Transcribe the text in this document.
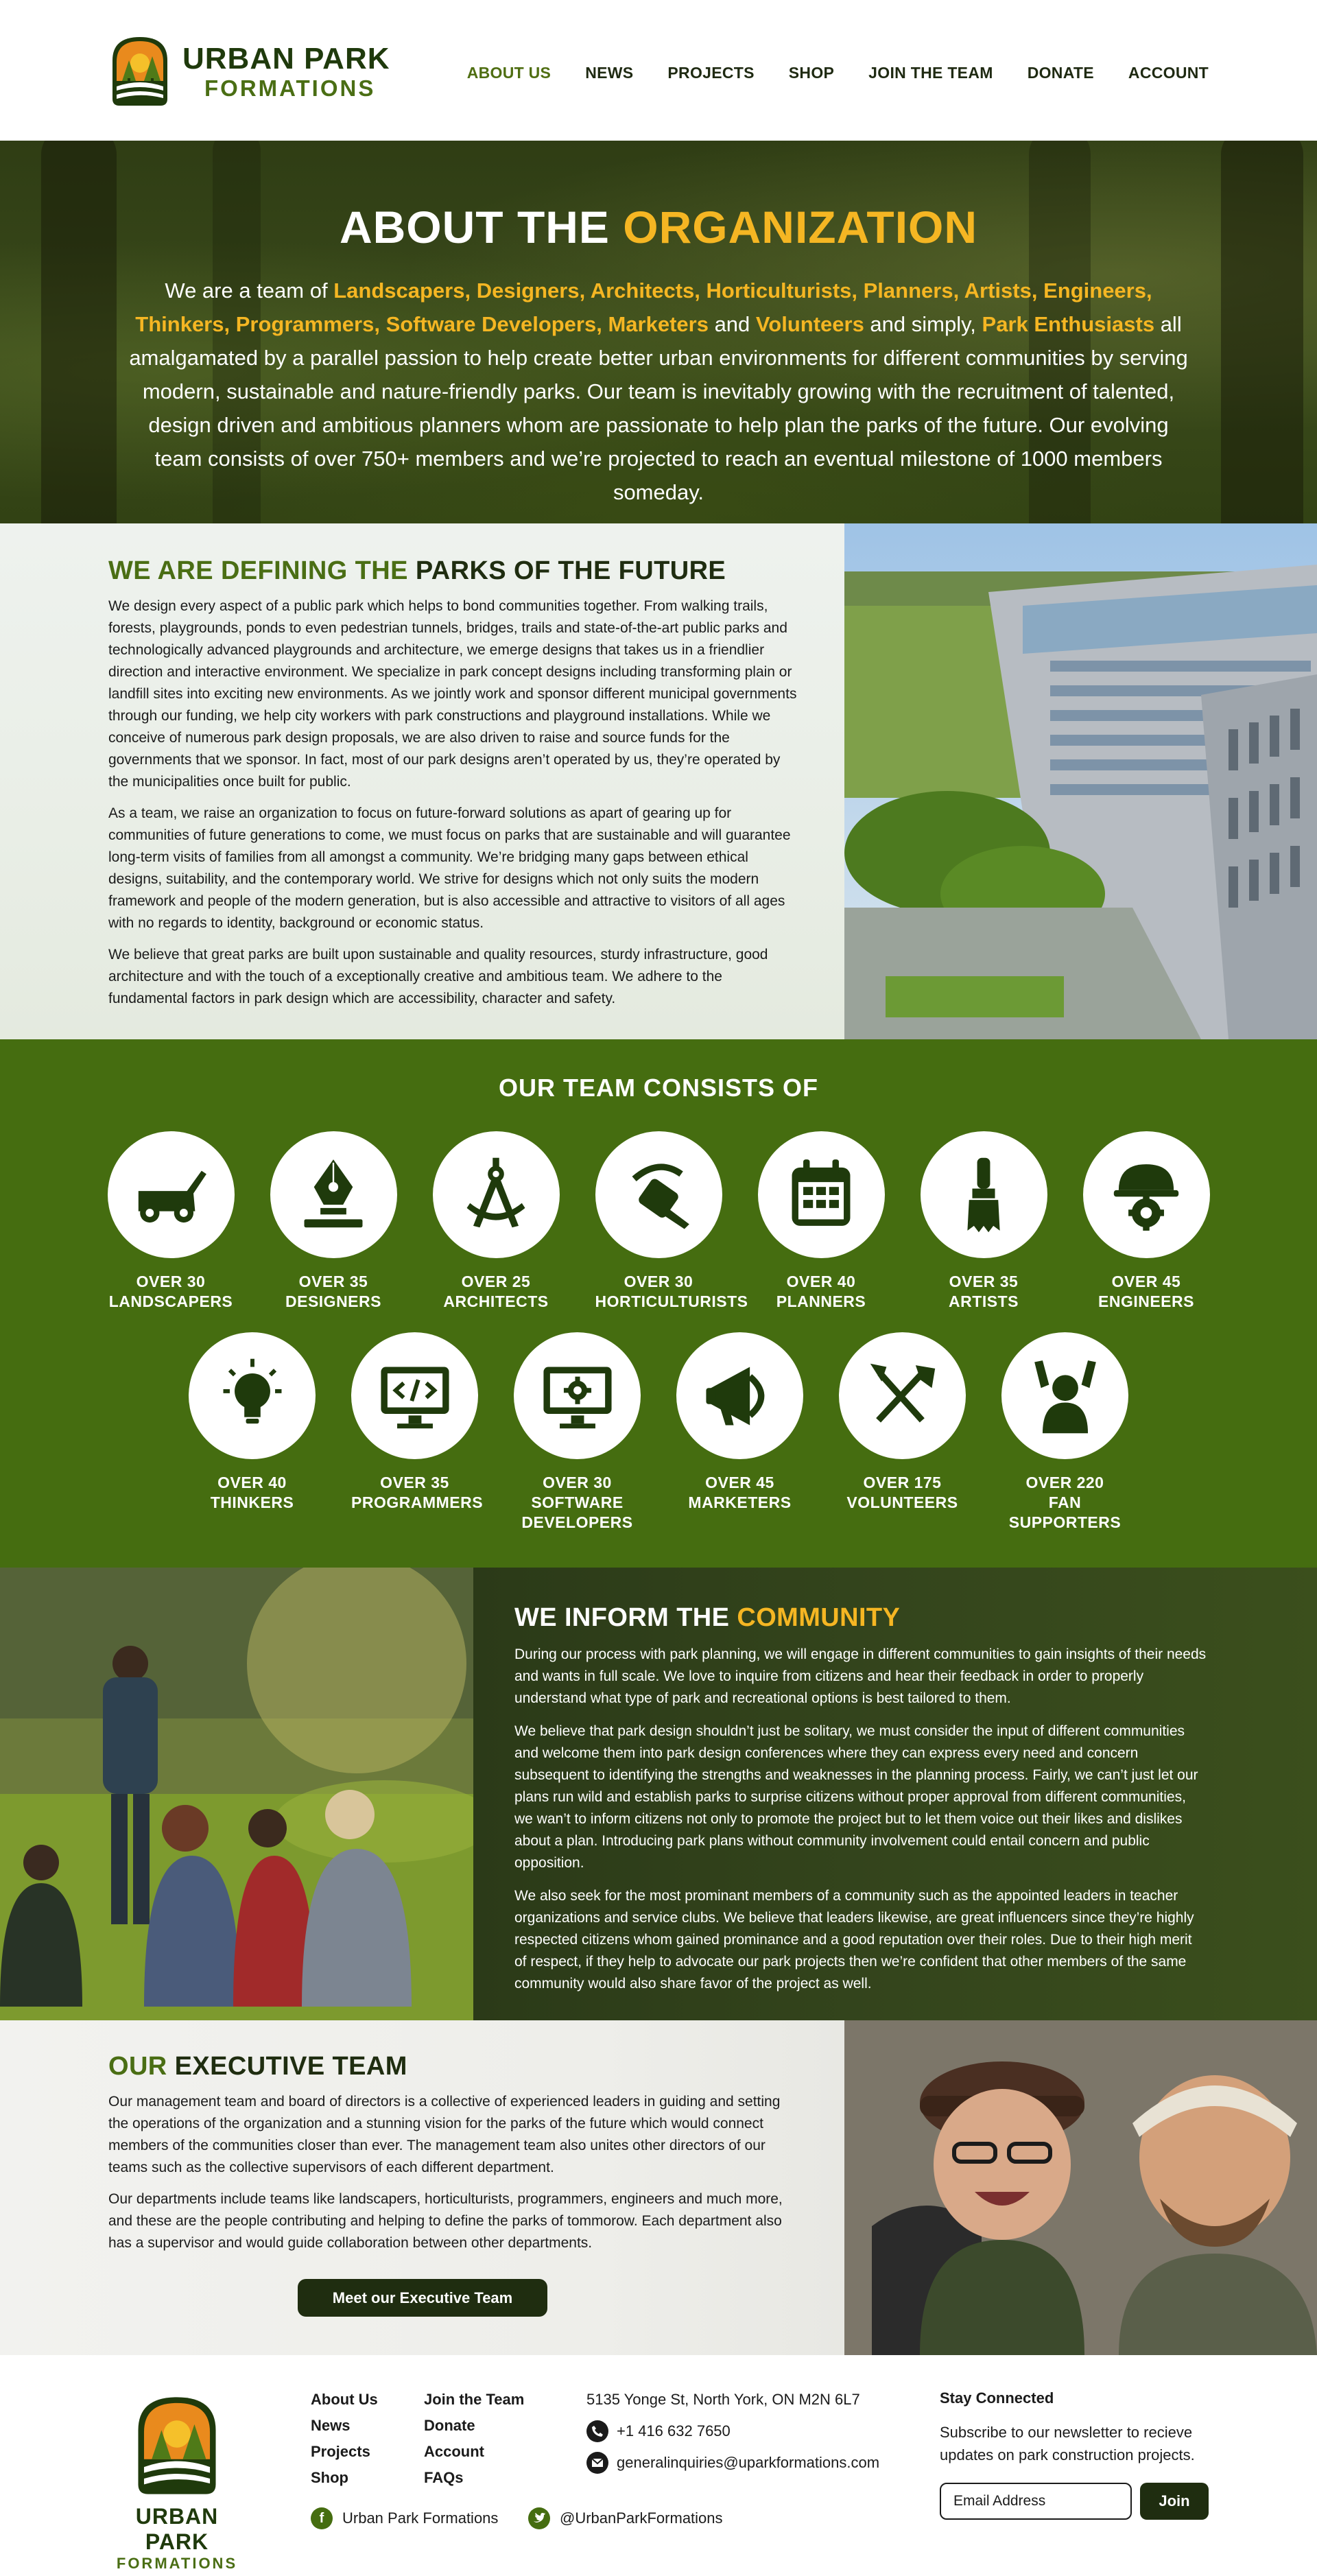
URBAN PARK
FORMATIONS
ABOUT US NEWS PROJECTS SHOP JOIN THE TEAM DONATE ACCOUNT
ABOUT THE ORGANIZATION

We are a team of Landscapers, Designers, Architects, Horticulturists, Planners, Artists, Engineers, Thinkers, Programmers, Software Developers, Marketers and Volunteers and simply, Park Enthusiasts all amalgamated by a parallel passion to help create better urban environments for different communities by serving modern, sustainable and nature-friendly parks. Our team is inevitably growing with the recruitment of talented, design driven and ambitious planners whom are passionate to help plan the parks of the future. Our evolving team consists of over 750+ members and we’re projected to reach an eventual milestone of 1000 members someday.

WE ARE DEFINING THE PARKS OF THE FUTURE

We design every aspect of a public park which helps to bond communities together. From walking trails, forests, playgrounds, ponds to even pedestrian tunnels, bridges, trails and state-of-the-art public parks and technologically advanced playgrounds and architecture, we emerge designs that takes us in a friendlier direction and interactive environment. We specialize in park concept designs including transforming plain or landfill sites into exciting new environments. As we jointly work and sponsor different municipal governments through our funding, we help city workers with park constructions and playground installations. While we conceive of numerous park design proposals, we are also driven to raise and source funds for the governments that we sponsor. In fact, most of our park designs aren’t operated by us, they’re operated by the municipalities once built for public.

As a team, we raise an organization to focus on future-forward solutions as apart of gearing up for communities of future generations to come, we must focus on parks that are sustainable and will guarantee long-term visits of families from all amongst a community. We’re bridging many gaps between ethical designs, suitability, and the contemporary world. We strive for designs which not only suits the modern framework and people of the modern generation, but is also accessible and attractive to visitors of all ages with no regards to identity, background or economic status.

We believe that great parks are built upon sustainable and quality resources, sturdy infrastructure, good architecture and with the touch of a exceptionally creative and ambitious team. We adhere to the fundamental factors in park design which are accessibility, character and safety.

OUR TEAM CONSISTS OF
OVER 30
LANDSCAPERS
OVER 35
DESIGNERS
OVER 25
ARCHITECTS
OVER 30
HORTICULTURISTS
OVER 40
PLANNERS
OVER 35
ARTISTS
OVER 45
ENGINEERS
OVER 40
THINKERS
OVER 35
PROGRAMMERS
OVER 30
SOFTWARE
DEVELOPERS
OVER 45
MARKETERS
OVER 175
VOLUNTEERS
OVER 220
FAN SUPPORTERS
WE INFORM THE COMMUNITY

During our process with park planning, we will engage in different communities to gain insights of their needs and wants in full scale. We love to inquire from citizens and hear their feedback in order to properly understand what type of park and recreational options is best tailored to them.

We believe that park design shouldn’t just be solitary, we must consider the input of different communities and welcome them into park design conferences where they can express every need and concern subsequent to identifying the strengths and weaknesses in the planning process. Fairly, we can’t just let our plans run wild and establish parks to surprise citizens without proper approval from different communities, we wan’t to inform citizens not only to promote the project but to let them voice out their likes and dislikes about a plan. Introducing park plans without community involvement could entail concern and public opposition.

We also seek for the most prominant members of a community such as the appointed leaders in teacher organizations and service clubs. We believe that leaders likewise, are great influencers since they’re highly respected citizens whom gained prominance and a good reputation over their roles. Due to their high merit of respect, if they help to advocate our park projects then we’re confident that other members of the same community would also share favor of the project as well.

OUR EXECUTIVE TEAM

Our management team and board of directors is a collective of experienced leaders in guiding and setting the operations of the organization and a stunning vision for the parks of the future which would connect members of the communities closer than ever. The management team also unites other directors of our teams such as the collective supervisors of each different department.

Our departments include teams like landscapers, horticulturists, programmers, engineers and much more, and these are the people contributing and helping to define the parks of tommorow. Each department also has a supervisor and would guide collaboration between other departments.

Meet our Executive Team
URBAN PARK
FORMATIONS
About Us
News
Projects
Shop
Join the Team
Donate
Account
FAQs
f	Urban Park Formations	@UrbanParkFormations
5135 Yonge St, North York, ON M2N 6L7
+1 416 632 7650
generalinquiries@uparkformations.com
Stay Connected
Subscribe to our newsletter to recieve updates on park construction projects.
Email Address
Join
